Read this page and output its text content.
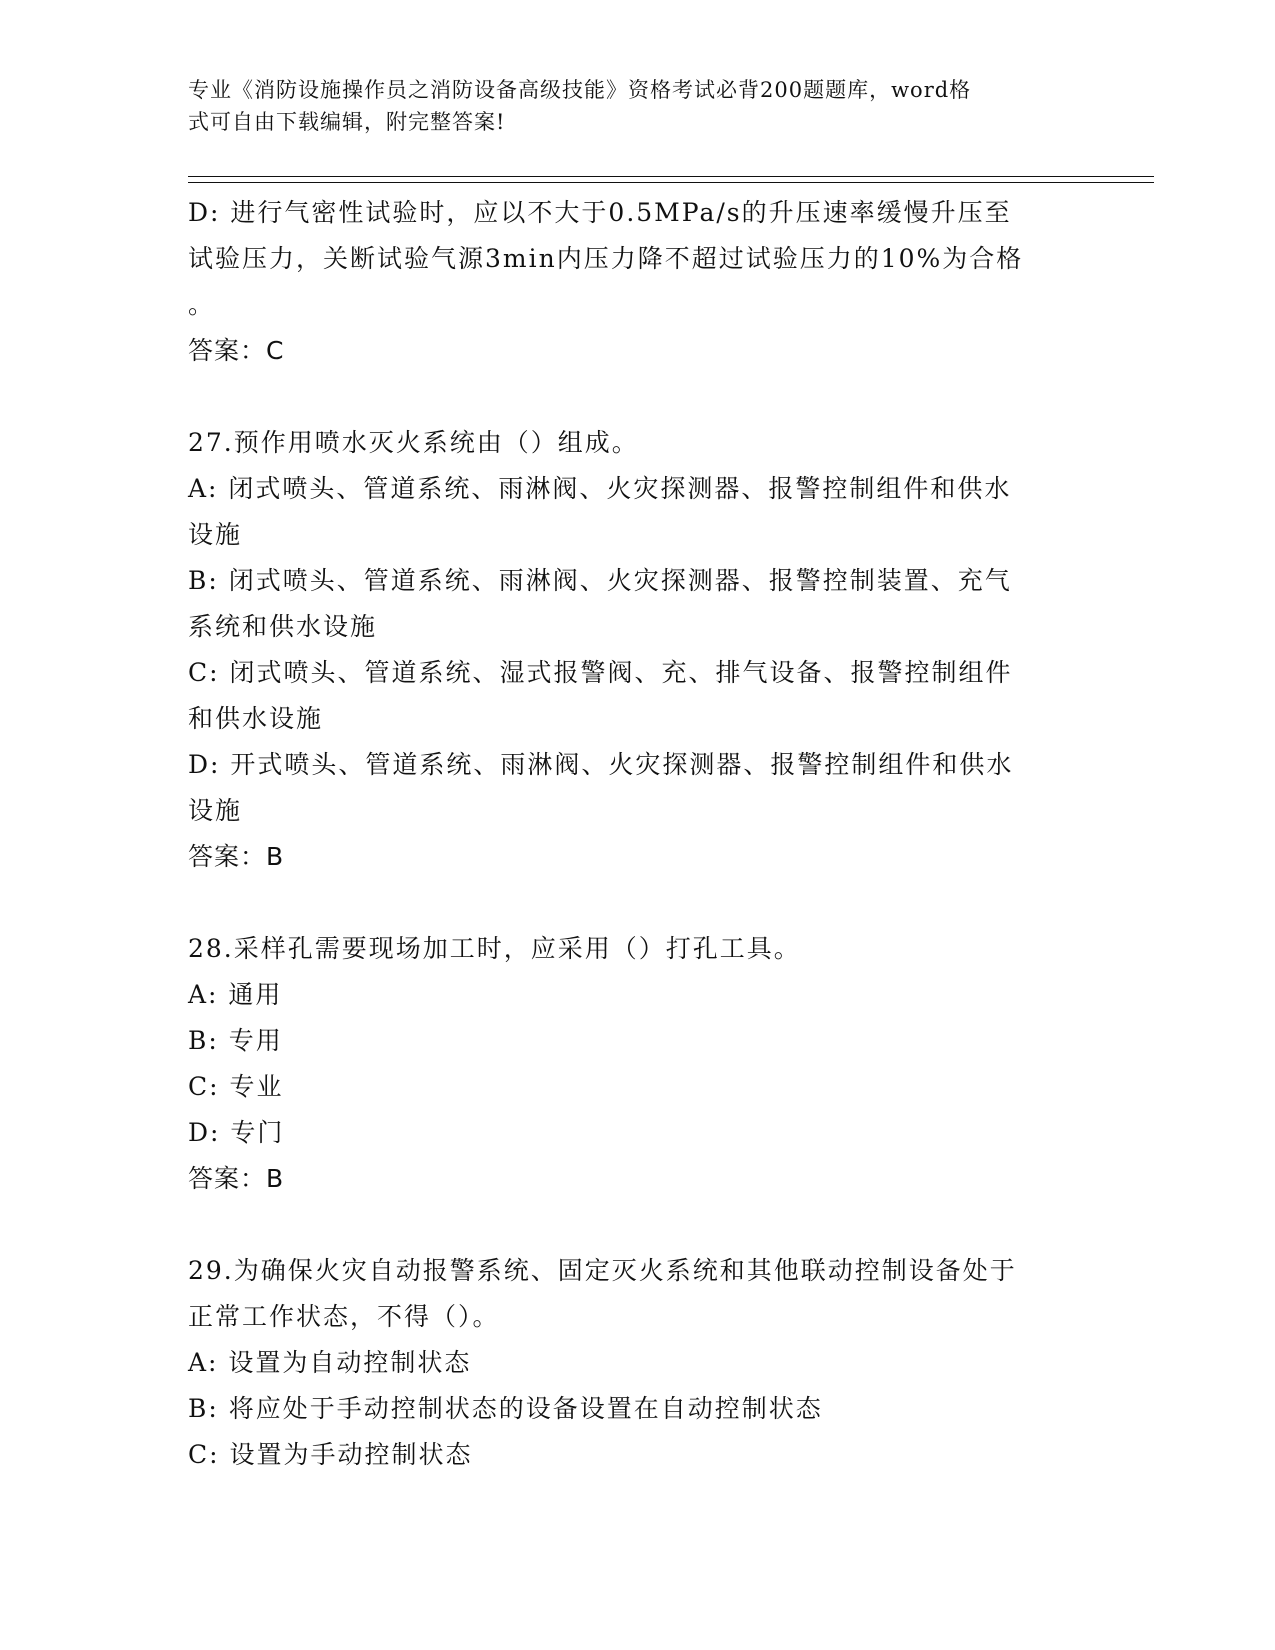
专业《消防设施操作员之消防设备高级技能》资格考试必背200题题库，word格
式可自由下载编辑，附完整答案!
D: 进行气密性试验时，应以不大于0.5MPa/s的升压速率缓慢升压至
试验压力，关断试验气源3min内压力降不超过试验压力的10%为合格
。
答案：C
27.预作用喷水灭火系统由（）组成。
A: 闭式喷头、管道系统、雨淋阀、火灾探测器、报警控制组件和供水
设施
B: 闭式喷头、管道系统、雨淋阀、火灾探测器、报警控制装置、充气
系统和供水设施
C: 闭式喷头、管道系统、湿式报警阀、充、排气设备、报警控制组件
和供水设施
D: 开式喷头、管道系统、雨淋阀、火灾探测器、报警控制组件和供水
设施
答案：B
28.采样孔需要现场加工时，应采用（）打孔工具。
A: 通用
B: 专用
C: 专业
D: 专门
答案：B
29.为确保火灾自动报警系统、固定灭火系统和其他联动控制设备处于
正常工作状态，不得（）。
A: 设置为自动控制状态
B: 将应处于手动控制状态的设备设置在自动控制状态
C: 设置为手动控制状态
